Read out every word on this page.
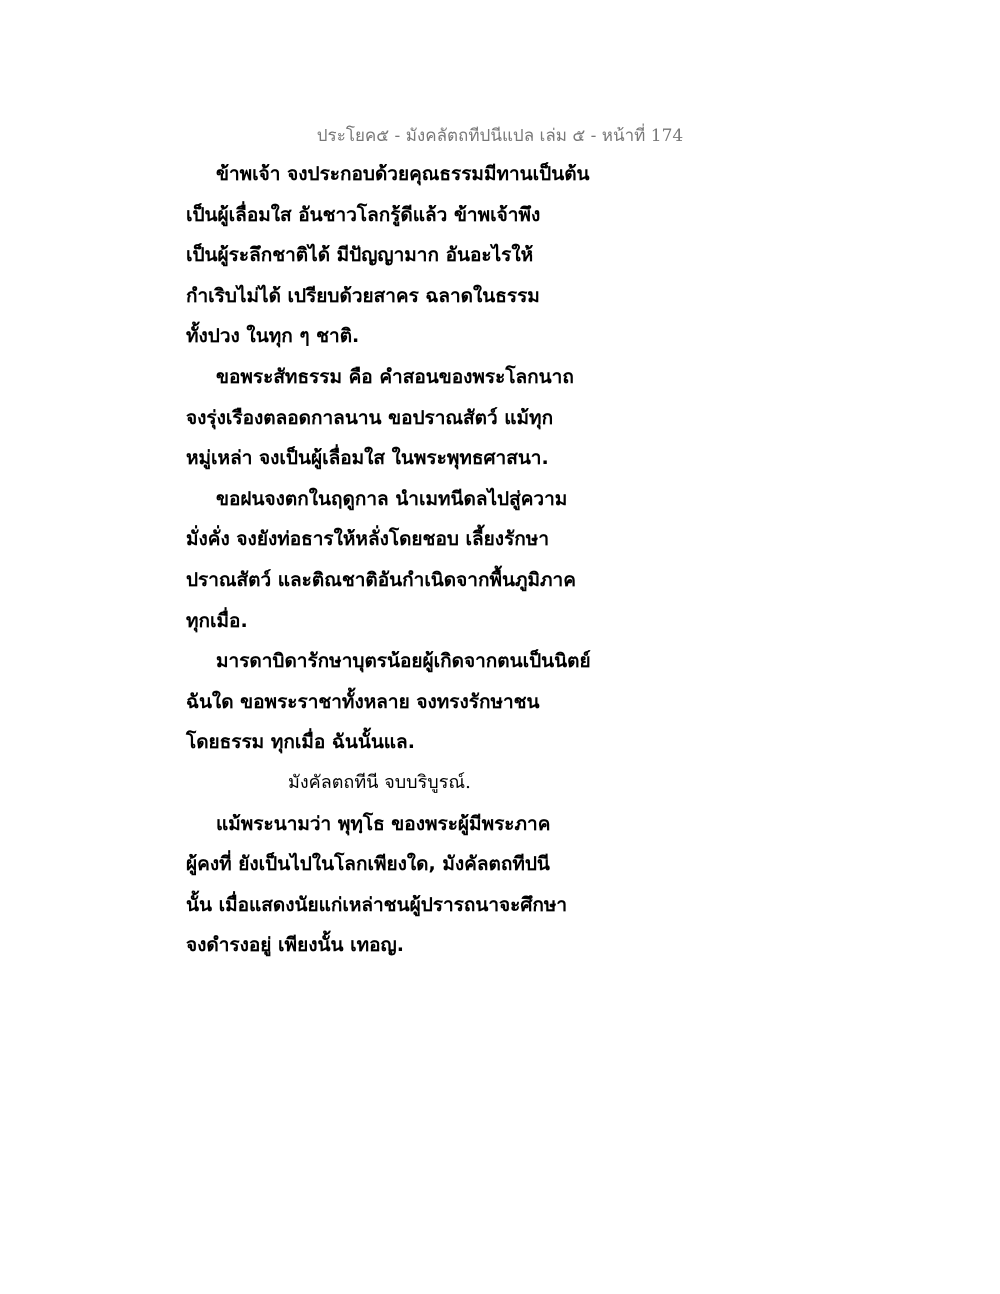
ประโยค๕ - มังคลัตถทีปนีแปล เล่ม ๕ - หน้าที่ 174
ข้าพเจ้า จงประกอบด้วยคุณธรรมมีทานเป็นต้น
เป็นผู้เลื่อมใส อันชาวโลกรู้ดีแล้ว ข้าพเจ้าพึง
เป็นผู้ระลึกชาติได้ มีปัญญามาก อันอะไรให้
กำเริบไม่ได้ เปรียบด้วยสาคร ฉลาดในธรรม
ทั้งปวง ในทุก ๆ ชาติ.
ขอพระสัทธรรม คือ คำสอนของพระโลกนาถ
จงรุ่งเรืองตลอดกาลนาน ขอปราณสัตว์ แม้ทุก
หมู่เหล่า จงเป็นผู้เลื่อมใส ในพระพุทธศาสนา.
ขอฝนจงตกในฤดูกาล นำเมทนีดลไปสู่ความ
มั่งคั่ง จงยังท่อธารให้หลั่งโดยชอบ เลี้ยงรักษา
ปราณสัตว์ และติณชาติอันกำเนิดจากพื้นภูมิภาค
ทุกเมื่อ.
มารดาบิดารักษาบุตรน้อยผู้เกิดจากตนเป็นนิตย์
ฉันใด ขอพระราชาทั้งหลาย จงทรงรักษาชน
โดยธรรม ทุกเมื่อ ฉันนั้นแล.
มังคัลตถทีนี จบบริบูรณ์.
แม้พระนามว่า พุทฺโธ ของพระผู้มีพระภาค
ผู้คงที่ ยังเป็นไปในโลกเพียงใด, มังคัลตถทีปนี
นั้น เมื่อแสดงนัยแก่เหล่าชนผู้ปรารถนาจะศึกษา
จงดำรงอยู่ เพียงนั้น เทอญ.
